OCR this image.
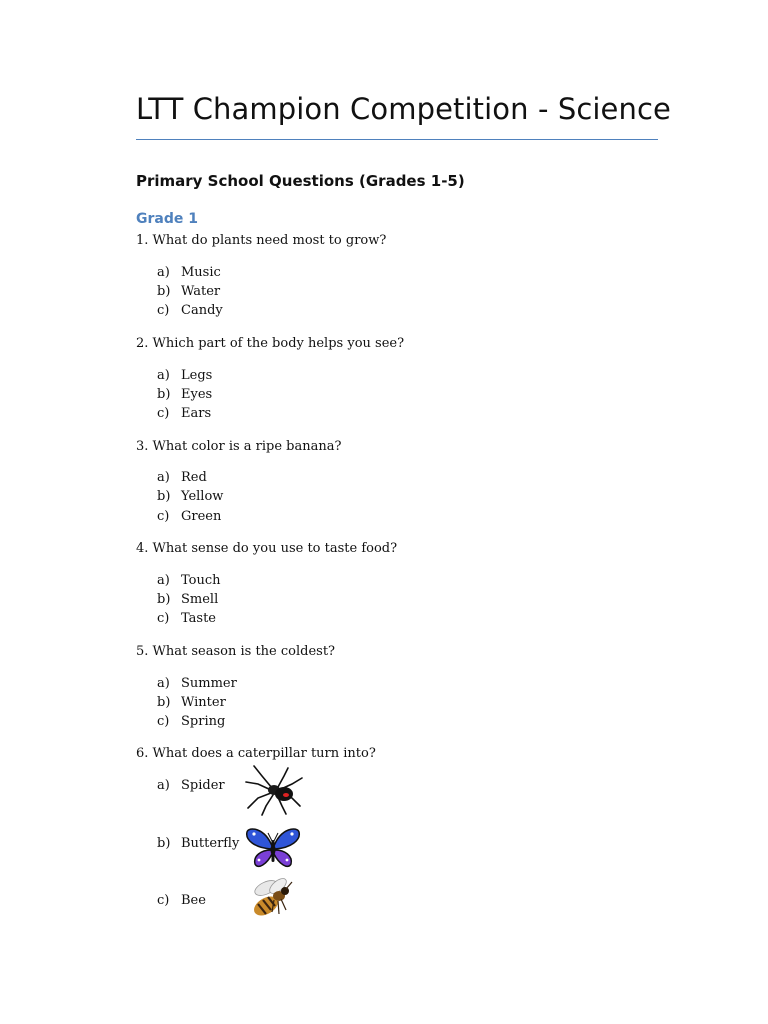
LTT Champion Competition - Science
Primary School Questions (Grades 1-5)
Grade 1
1. What do plants need most to grow?
a) Music
b) Water
c) Candy
2. Which part of the body helps you see?
a) Legs
b) Eyes
c) Ears
3. What color is a ripe banana?
a) Red
b) Yellow
c) Green
4. What sense do you use to taste food?
a) Touch
b) Smell
c) Taste
5. What season is the coldest?
a) Summer
b) Winter
c) Spring
6. What does a caterpillar turn into?
a) Spider
b) Butterfly
c) Bee
